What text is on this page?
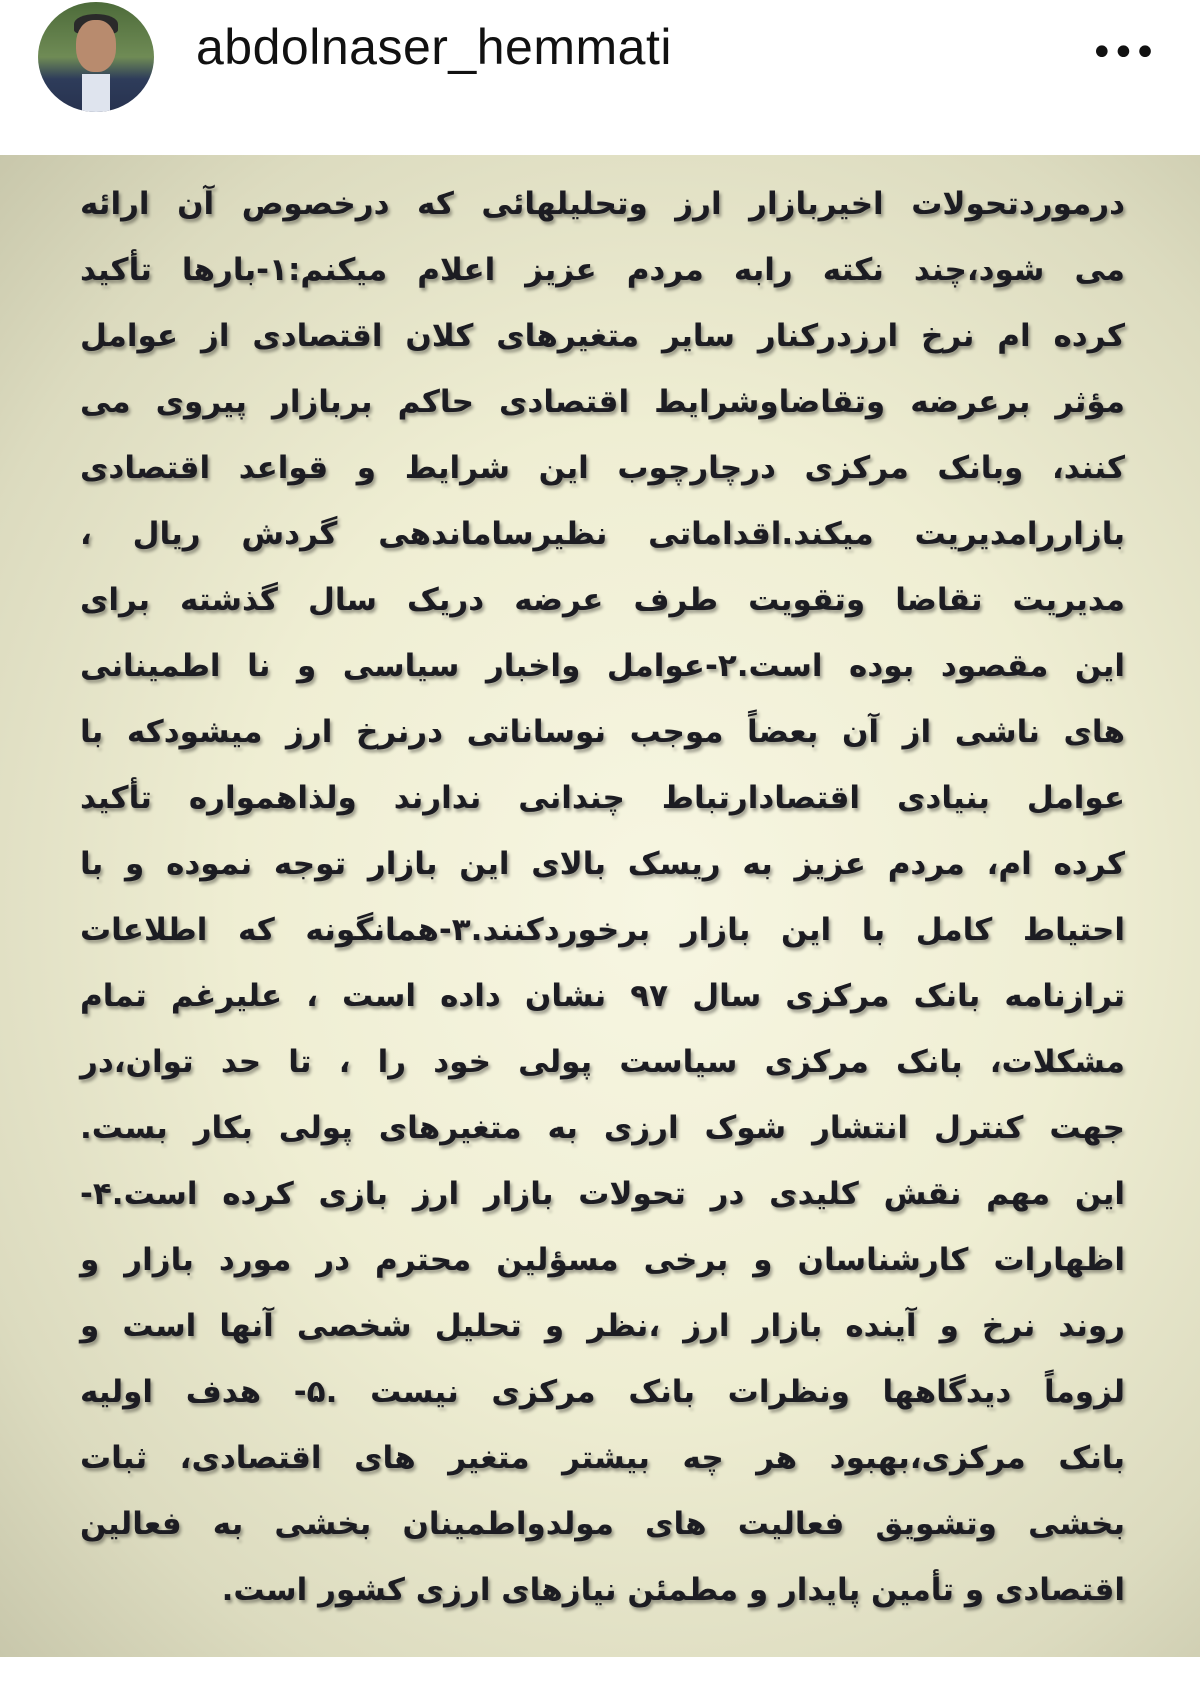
abdolnaser_hemmati	•••
درموردتحولات اخیربازار ارز وتحلیلهائی که درخصوص آن ارائه
می شود،چند نکته رابه مردم عزیز اعلام میکنم:۱-بارها تأکید
کرده ام نرخ ارزدرکنار سایر متغیرهای کلان اقتصادی از عوامل
مؤثر برعرضه وتقاضاوشرایط اقتصادی حاکم بربازار پیروی می
کنند، وبانک مرکزی درچارچوب این شرایط و قواعد اقتصادی
بازاررامدیریت میکند.اقداماتی نظیرساماندهی گردش ریال ،
مدیریت تقاضا وتقویت طرف عرضه دریک سال گذشته برای
این مقصود بوده است.۲-عوامل واخبار سیاسی و نا اطمینانی
های ناشی از آن بعضاً موجب نوساناتی درنرخ ارز میشودکه با
عوامل بنیادی اقتصادارتباط چندانی ندارند ولذاهمواره تأکید
کرده ام، مردم عزیز به ریسک بالای این بازار توجه نموده و با
احتیاط کامل با این بازار برخوردکنند.۳-همانگونه که اطلاعات
ترازنامه بانک مرکزی سال ۹۷ نشان داده است ، علیرغم تمام
مشکلات، بانک مرکزی سیاست پولی خود را ، تا حد توان،در
جهت کنترل انتشار شوک ارزی به متغیرهای پولی بکار بست.
این مهم نقش کلیدی در تحولات بازار ارز بازی کرده است.۴-
اظهارات کارشناسان و برخی مسؤلین محترم در مورد بازار و
روند نرخ و آینده بازار ارز ،نظر و تحلیل شخصی آنها است و
لزوماً دیدگاهها ونظرات بانک مرکزی نیست .۵- هدف اولیه
بانک مرکزی،بهبود هر چه بیشتر متغیر های اقتصادی، ثبات
بخشی وتشویق فعالیت های مولدواطمینان بخشی به فعالین
اقتصادی و تأمین پایدار و مطمئن نیازهای ارزی کشور است.
